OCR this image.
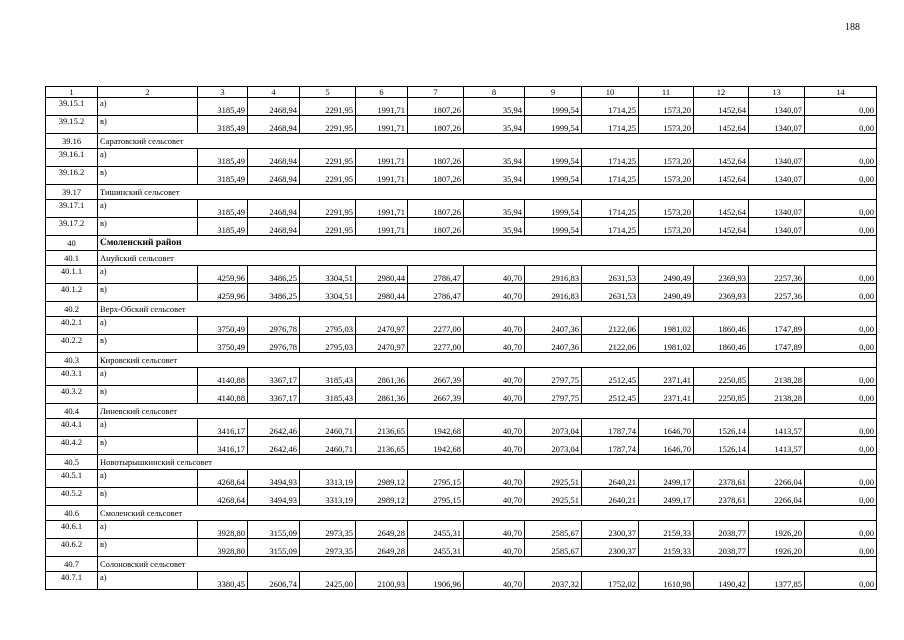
188
1	2	3	4	5	6	7	8	9	10	11	12	13	14
39.15.1	а)	3185,49	2468,94	2291,95	1991,71	1807,26	35,94	1999,54	1714,25	1573,20	1452,64	1340,07	0,00
39.15.2	в)	3185,49	2468,94	2291,95	1991,71	1807,26	35,94	1999,54	1714,25	1573,20	1452,64	1340,07	0,00
39.16	Саратовский сельсовет												
39.16.1	а)	3185,49	2468,94	2291,95	1991,71	1807,26	35,94	1999,54	1714,25	1573,20	1452,64	1340,07	0,00
39.16.2	в)	3185,49	2468,94	2291,95	1991,71	1807,26	35,94	1999,54	1714,25	1573,20	1452,64	1340,07	0,00
39.17	Тишинский сельсовет												
39.17.1	а)	3185,49	2468,94	2291,95	1991,71	1807,26	35,94	1999,54	1714,25	1573,20	1452,64	1340,07	0,00
39.17.2	в)	3185,49	2468,94	2291,95	1991,71	1807,26	35,94	1999,54	1714,25	1573,20	1452,64	1340,07	0,00
40	Смоленский район												
40.1	Ануйский сельсовет												
40.1.1	а)	4259,96	3486,25	3304,51	2980,44	2786,47	40,70	2916,83	2631,53	2490,49	2369,93	2257,36	0,00
40.1.2	в)	4259,96	3486,25	3304,51	2980,44	2786,47	40,70	2916,83	2631,53	2490,49	2369,93	2257,36	0,00
40.2	Верх-Обский сельсовет												
40.2.1	а)	3750,49	2976,78	2795,03	2470,97	2277,00	40,70	2407,36	2122,06	1981,02	1860,46	1747,89	0,00
40.2.2	в)	3750,49	2976,78	2795,03	2470,97	2277,00	40,70	2407,36	2122,06	1981,02	1860,46	1747,89	0,00
40.3	Кировский сельсовет												
40.3.1	а)	4140,88	3367,17	3185,43	2861,36	2667,39	40,70	2797,75	2512,45	2371,41	2250,85	2138,28	0,00
40.3.2	в)	4140,88	3367,17	3185,43	2861,36	2667,39	40,70	2797,75	2512,45	2371,41	2250,85	2138,28	0,00
40.4	Линевский сельсовет												
40.4.1	а)	3416,17	2642,46	2460,71	2136,65	1942,68	40,70	2073,04	1787,74	1646,70	1526,14	1413,57	0,00
40.4.2	в)	3416,17	2642,46	2460,71	2136,65	1942,68	40,70	2073,04	1787,74	1646,70	1526,14	1413,57	0,00
40.5	Новотырышкинский сельсовет												
40.5.1	а)	4268,64	3494,93	3313,19	2989,12	2795,15	40,70	2925,51	2640,21	2499,17	2378,61	2266,04	0,00
40.5.2	в)	4268,64	3494,93	3313,19	2989,12	2795,15	40,70	2925,51	2640,21	2499,17	2378,61	2266,04	0,00
40.6	Смоленский сельсовет												
40.6.1	а)	3928,80	3155,09	2973,35	2649,28	2455,31	40,70	2585,67	2300,37	2159,33	2038,77	1926,20	0,00
40.6.2	в)	3928,80	3155,09	2973,35	2649,28	2455,31	40,70	2585,67	2300,37	2159,33	2038,77	1926,20	0,00
40.7	Солоновский сельсовет												
40.7.1	а)	3380,45	2606,74	2425,00	2100,93	1906,96	40,70	2037,32	1752,02	1610,98	1490,42	1377,85	0,00
